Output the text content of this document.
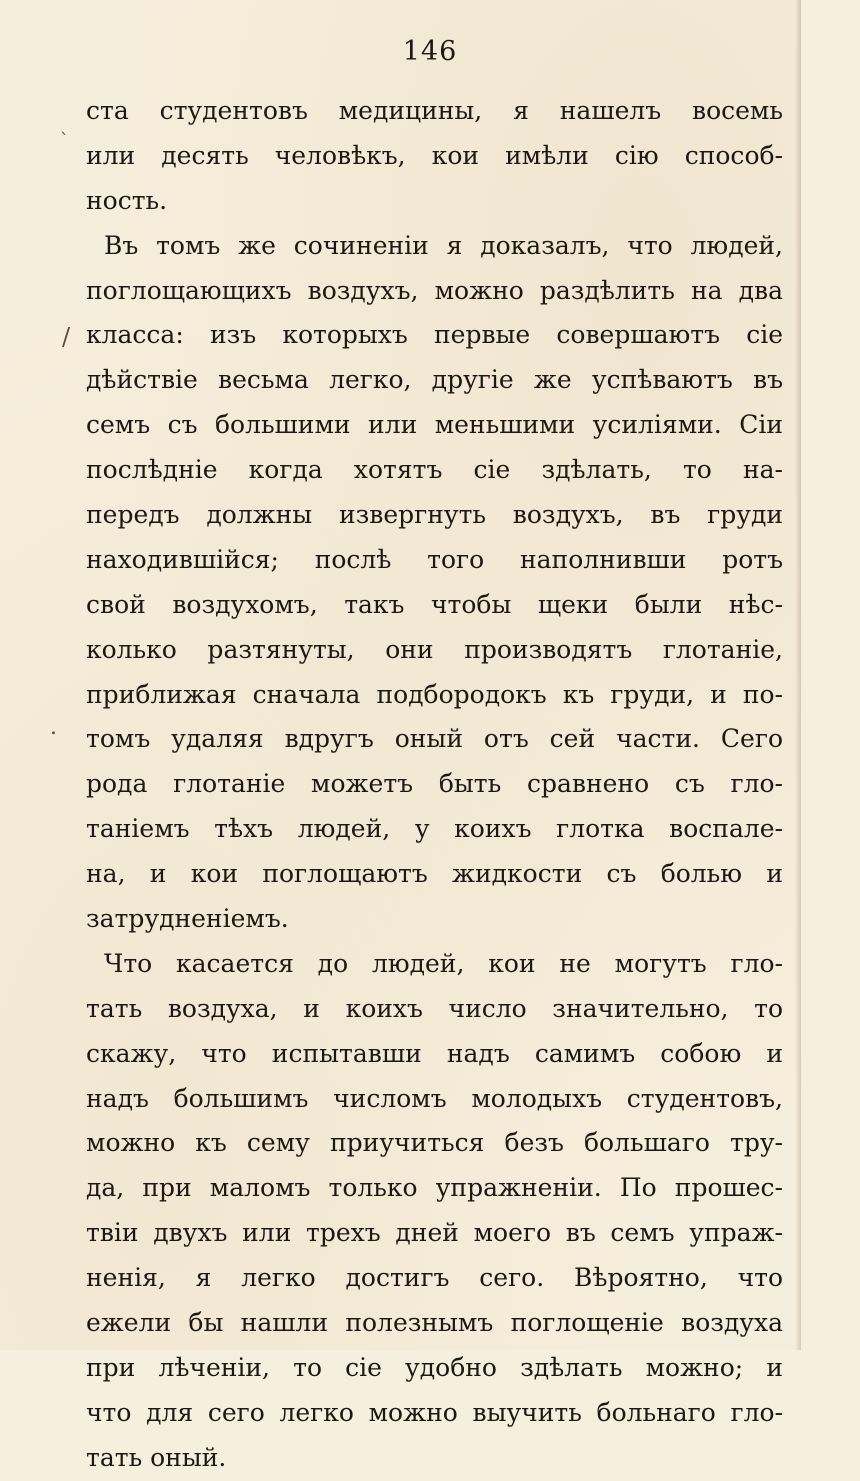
146
`
/
.
ста студентовъ медицины, я нашелъ восемь
или десять человѣкъ, кои имѣли сію способ-
ность.
Въ томъ же сочиненіи я доказалъ, что людей,
поглощающихъ воздухъ, можно раздѣлить на два
класса: изъ которыхъ первые совершаютъ сіе
дѣйствіе весьма легко, другіе же успѣваютъ въ
семъ съ большими или меньшими усиліями. Сіи
послѣдніе когда хотятъ сіе здѣлать, то на-
передъ должны извергнуть воздухъ, въ груди
находившійся; послѣ того наполнивши ротъ
свой воздухомъ, такъ чтобы щеки были нѣс-
колько разтянуты, они производятъ глотаніе,
приближая сначала подбородокъ къ груди, и по-
томъ удаляя вдругъ оный отъ сей части. Сего
рода глотаніе можетъ быть сравнено съ гло-
таніемъ тѣхъ людей, у коихъ глотка воспале-
на, и кои поглощаютъ жидкости съ болью и
затрудненіемъ.
Что касается до людей, кои не могутъ гло-
тать воздуха, и коихъ число значительно, то
скажу, что испытавши надъ самимъ собою и
надъ большимъ числомъ молодыхъ студентовъ,
можно къ сему приучиться безъ большаго тру-
да, при маломъ только упражненіи. По прошес-
твіи двухъ или трехъ дней моего въ семъ упраж-
ненія, я легко достигъ сего. Вѣроятно, что
ежели бы нашли полезнымъ поглощеніе воздуха
при лѣченіи, то сіе удобно здѣлать можно; и
что для сего легко можно выучить больнаго гло-
тать оный.
